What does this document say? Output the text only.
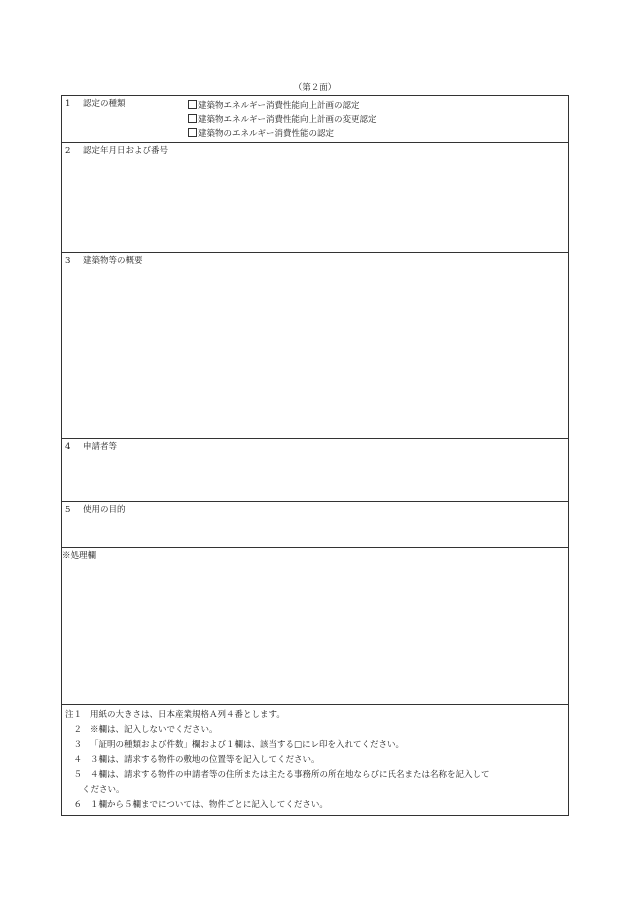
（第２面）
1 認定の種類	建築物エネルギー消費性能向上計画の認定
建築物エネルギー消費性能向上計画の変更認定
建築物のエネルギー消費性能の認定
2 認定年月日および番号
3 建築物等の概要
4 申請者等
5 使用の目的
※処理欄
注１ 用紙の大きさは、日本産業規格Ａ列４番とします。
２ ※欄は、記入しないでください。
３ 「証明の種類および件数」欄および１欄は、該当する□にレ印を入れてください。
４ ３欄は、請求する物件の敷地の位置等を記入してください。
５ ４欄は、請求する物件の申請者等の住所または主たる事務所の所在地ならびに氏名または名称を記入して
ください。
６ １欄から５欄までについては、物件ごとに記入してください。
